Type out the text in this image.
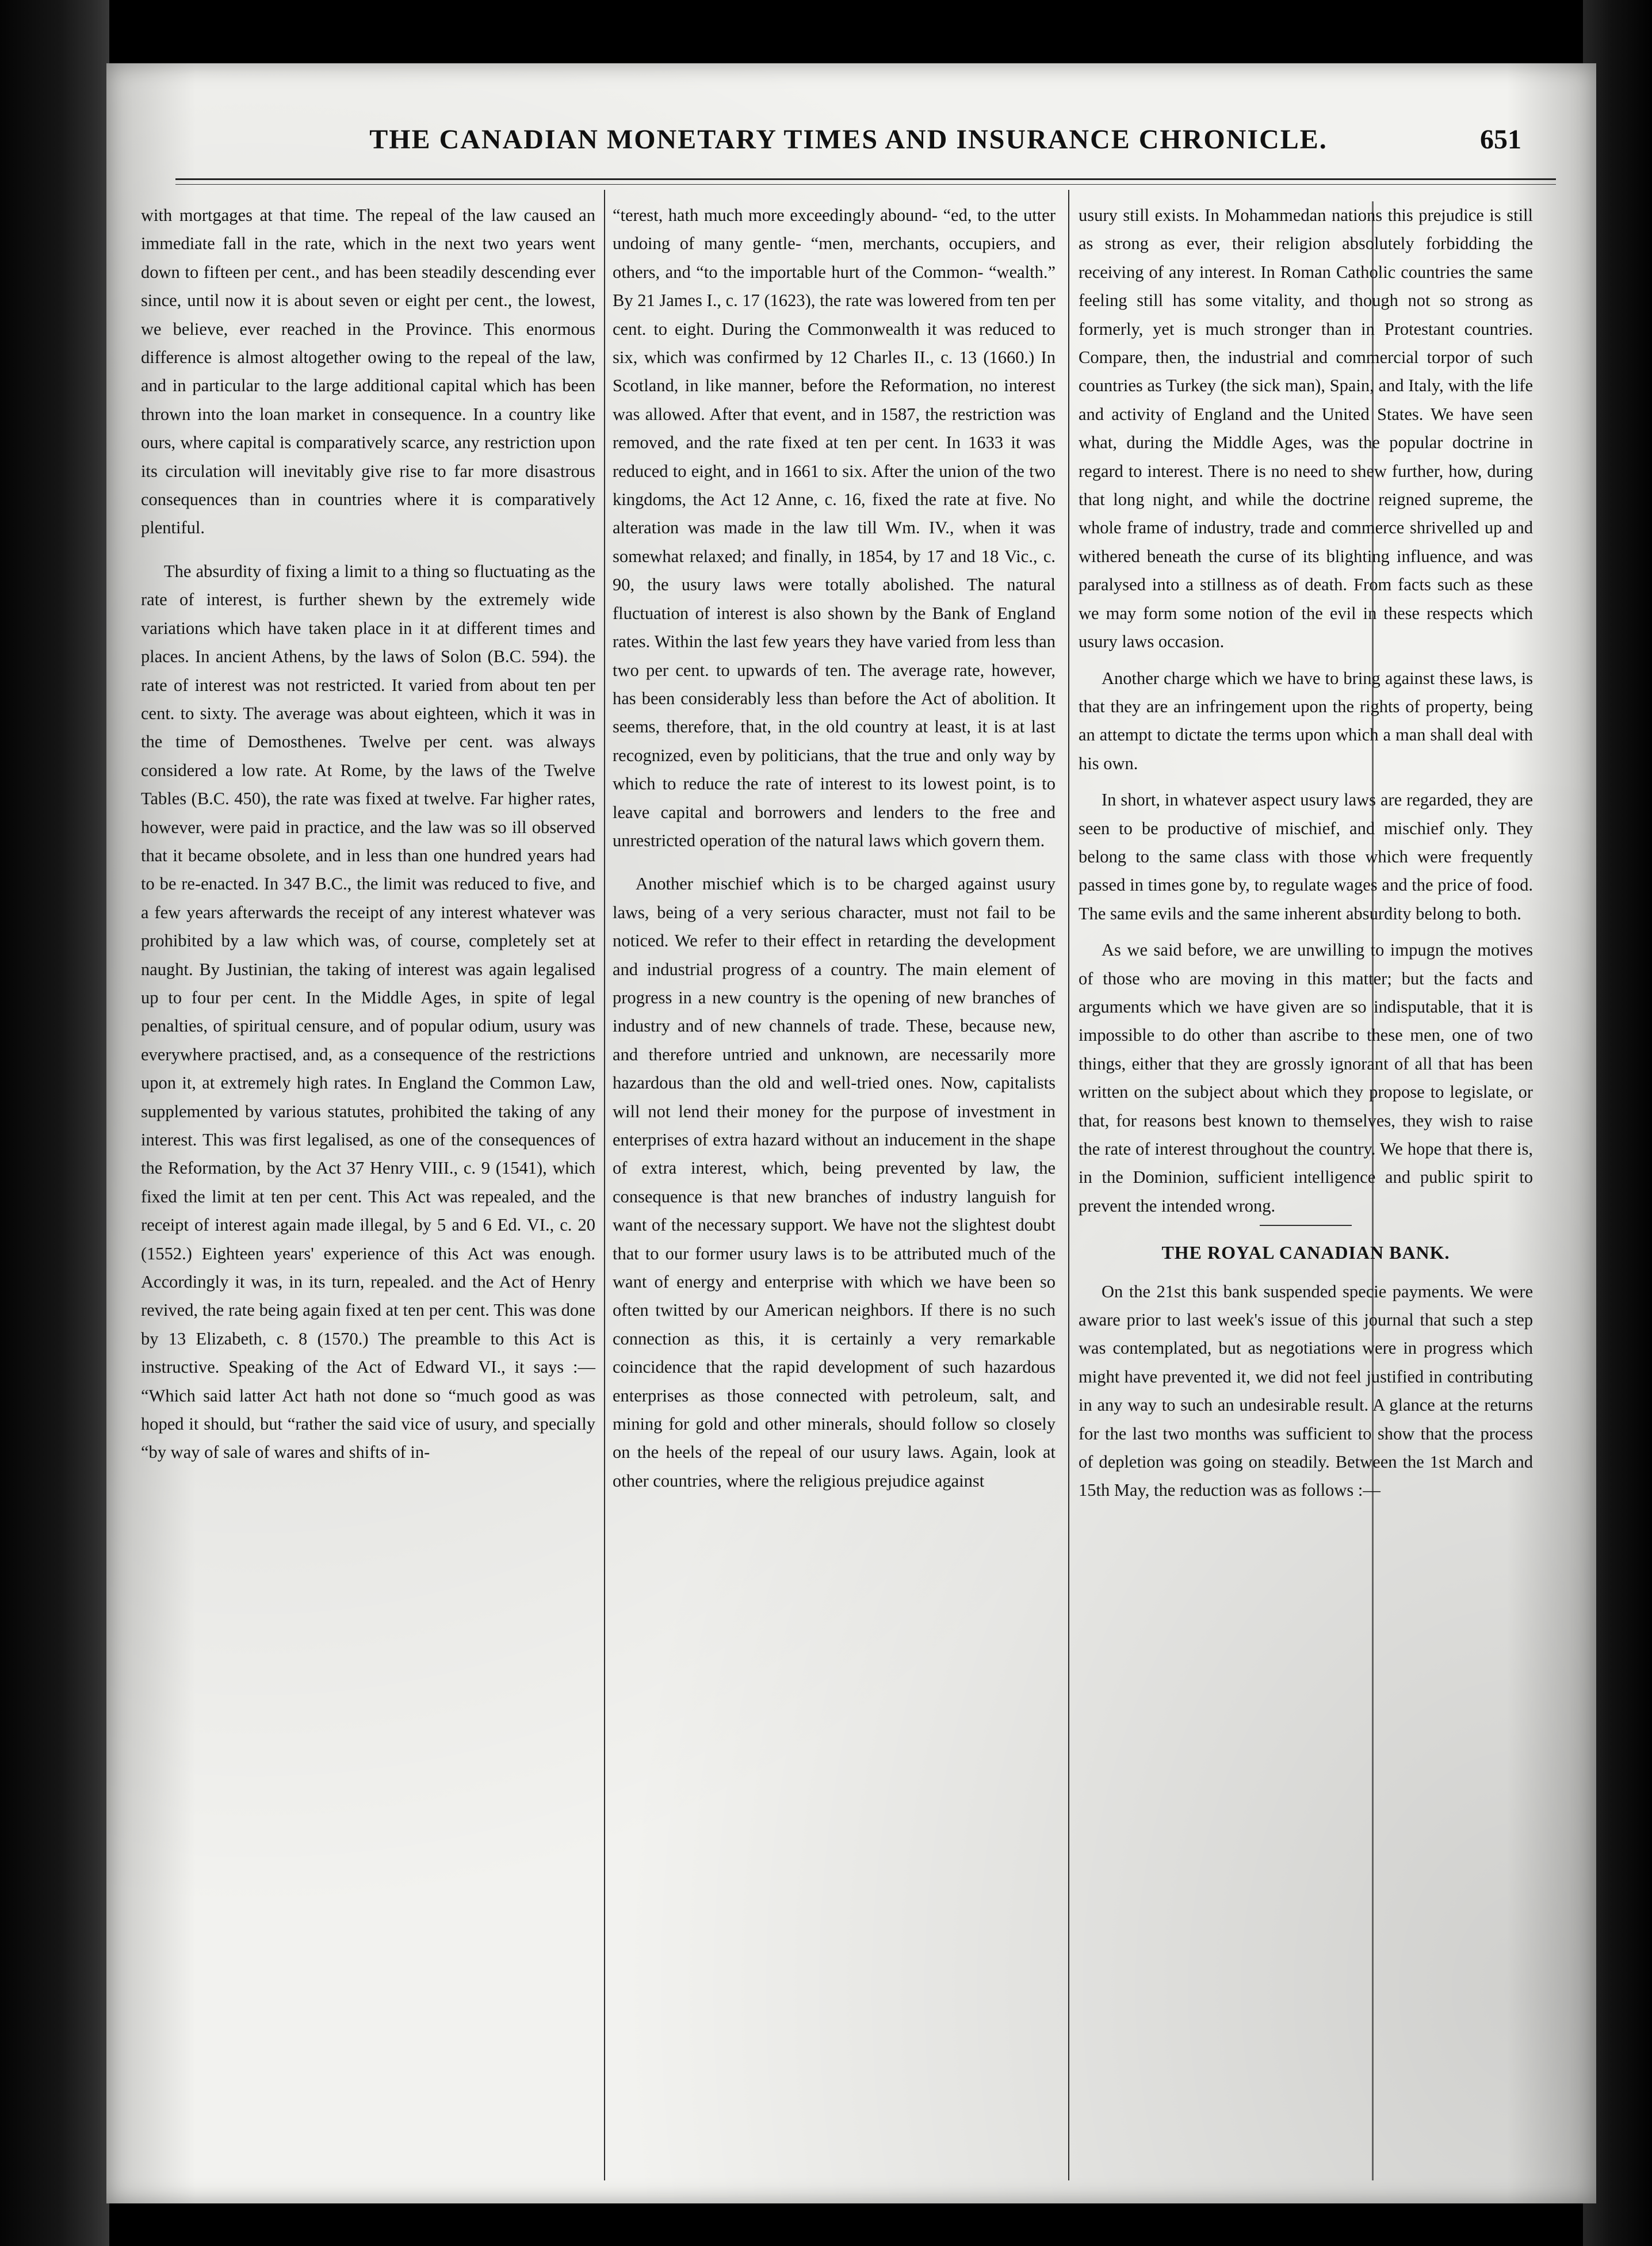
THE CANADIAN MONETARY TIMES AND INSURANCE CHRONICLE.	651

with mortgages at that time. The repeal of the law caused an immediate fall in the rate, which in the next two years went down to fifteen per cent., and has been steadily descending ever since, until now it is about seven or eight per cent., the lowest, we believe, ever reached in the Province. This enormous difference is almost altogether owing to the repeal of the law, and in particular to the large additional capital which has been thrown into the loan market in consequence. In a country like ours, where capital is comparatively scarce, any restriction upon its circulation will inevitably give rise to far more disastrous consequences than in countries where it is comparatively plentiful.

The absurdity of fixing a limit to a thing so fluctuating as the rate of interest, is further shewn by the extremely wide variations which have taken place in it at different times and places. In ancient Athens, by the laws of Solon (B.C. 594). the rate of interest was not restricted. It varied from about ten per cent. to sixty. The average was about eighteen, which it was in the time of Demosthenes. Twelve per cent. was always considered a low rate. At Rome, by the laws of the Twelve Tables (B.C. 450), the rate was fixed at twelve. Far higher rates, however, were paid in practice, and the law was so ill observed that it became obsolete, and in less than one hundred years had to be re-enacted. In 347 B.C., the limit was reduced to five, and a few years afterwards the receipt of any interest whatever was prohibited by a law which was, of course, completely set at naught. By Justinian, the taking of interest was again legalised up to four per cent. In the Middle Ages, in spite of legal penalties, of spiritual censure, and of popular odium, usury was everywhere practised, and, as a consequence of the restrictions upon it, at extremely high rates. In England the Common Law, supplemented by various statutes, prohibited the taking of any interest. This was first legalised, as one of the consequences of the Reformation, by the Act 37 Henry VIII., c. 9 (1541), which fixed the limit at ten per cent. This Act was repealed, and the receipt of interest again made illegal, by 5 and 6 Ed. VI., c. 20 (1552.) Eighteen years' experience of this Act was enough. Accordingly it was, in its turn, repealed. and the Act of Henry revived, the rate being again fixed at ten per cent. This was done by 13 Elizabeth, c. 8 (1570.) The preamble to this Act is instructive. Speaking of the Act of Edward VI., it says :— “Which said latter Act hath not done so “much good as was hoped it should, but “rather the said vice of usury, and specially “by way of sale of wares and shifts of in-

“terest, hath much more exceedingly abound- “ed, to the utter undoing of many gentle- “men, merchants, occupiers, and others, and “to the importable hurt of the Common- “wealth.” By 21 James I., c. 17 (1623), the rate was lowered from ten per cent. to eight. During the Commonwealth it was reduced to six, which was confirmed by 12 Charles II., c. 13 (1660.) In Scotland, in like manner, before the Reformation, no interest was allowed. After that event, and in 1587, the restriction was removed, and the rate fixed at ten per cent. In 1633 it was reduced to eight, and in 1661 to six. After the union of the two kingdoms, the Act 12 Anne, c. 16, fixed the rate at five. No alteration was made in the law till Wm. IV., when it was somewhat relaxed; and finally, in 1854, by 17 and 18 Vic., c. 90, the usury laws were totally abolished. The natural fluctuation of interest is also shown by the Bank of England rates. Within the last few years they have varied from less than two per cent. to upwards of ten. The average rate, however, has been considerably less than before the Act of abolition. It seems, therefore, that, in the old country at least, it is at last recognized, even by politicians, that the true and only way by which to reduce the rate of interest to its lowest point, is to leave capital and borrowers and lenders to the free and unrestricted operation of the natural laws which govern them.

Another mischief which is to be charged against usury laws, being of a very serious character, must not fail to be noticed. We refer to their effect in retarding the development and industrial progress of a country. The main element of progress in a new country is the opening of new branches of industry and of new channels of trade. These, because new, and therefore untried and unknown, are necessarily more hazardous than the old and well-tried ones. Now, capitalists will not lend their money for the purpose of investment in enterprises of extra hazard without an inducement in the shape of extra interest, which, being prevented by law, the consequence is that new branches of industry languish for want of the necessary support. We have not the slightest doubt that to our former usury laws is to be attributed much of the want of energy and enterprise with which we have been so often twitted by our American neighbors. If there is no such connection as this, it is certainly a very remarkable coincidence that the rapid development of such hazardous enterprises as those connected with petroleum, salt, and mining for gold and other minerals, should follow so closely on the heels of the repeal of our usury laws. Again, look at other countries, where the religious prejudice against

usury still exists. In Mohammedan nations this prejudice is still as strong as ever, their religion absolutely forbidding the receiving of any interest. In Roman Catholic countries the same feeling still has some vitality, and though not so strong as formerly, yet is much stronger than in Protestant countries. Compare, then, the industrial and commercial torpor of such countries as Turkey (the sick man), Spain, and Italy, with the life and activity of England and the United States. We have seen what, during the Middle Ages, was the popular doctrine in regard to interest. There is no need to shew further, how, during that long night, and while the doctrine reigned supreme, the whole frame of industry, trade and commerce shrivelled up and withered beneath the curse of its blighting influence, and was paralysed into a stillness as of death. From facts such as these we may form some notion of the evil in these respects which usury laws occasion.

Another charge which we have to bring against these laws, is that they are an infringement upon the rights of property, being an attempt to dictate the terms upon which a man shall deal with his own.

In short, in whatever aspect usury laws are regarded, they are seen to be productive of mischief, and mischief only. They belong to the same class with those which were frequently passed in times gone by, to regulate wages and the price of food. The same evils and the same inherent absurdity belong to both.

As we said before, we are unwilling to impugn the motives of those who are moving in this matter; but the facts and arguments which we have given are so indisputable, that it is impossible to do other than ascribe to these men, one of two things, either that they are grossly ignorant of all that has been written on the subject about which they propose to legislate, or that, for reasons best known to themselves, they wish to raise the rate of interest throughout the country. We hope that there is, in the Dominion, sufficient intelligence and public spirit to prevent the intended wrong.

THE ROYAL CANADIAN BANK.

On the 21st this bank suspended specie payments. We were aware prior to last week's issue of this journal that such a step was contemplated, but as negotiations were in progress which might have prevented it, we did not feel justified in contributing in any way to such an undesirable result. A glance at the returns for the last two months was sufficient to show that the process of depletion was going on steadily. Between the 1st March and 15th May, the reduction was as follows :—
